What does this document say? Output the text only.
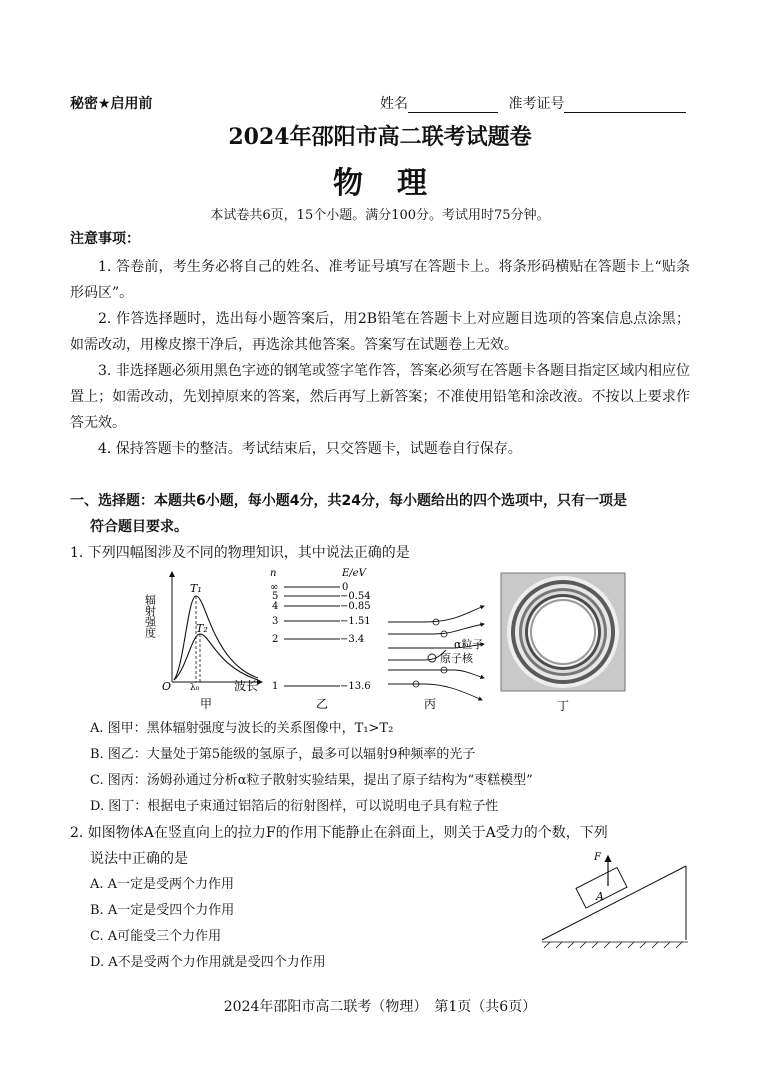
秘密★启用前	姓名	准考证号
2024年邵阳市高二联考试题卷
物理
本试卷共6页，15个小题。满分100分。考试用时75分钟。
注意事项：

1. 答卷前，考生务必将自己的姓名、准考证号填写在答题卡上。将条形码横贴在答题卡上“贴条形码区”。

2. 作答选择题时，选出每小题答案后，用2B铅笔在答题卡上对应题目选项的答案信息点涂黑；如需改动，用橡皮擦干净后，再选涂其他答案。答案写在试题卷上无效。

3. 非选择题必须用黑色字迹的钢笔或签字笔作答，答案必须写在答题卡各题目指定区域内相应位置上；如需改动，先划掉原来的答案，然后再写上新答案；不准使用铅笔和涂改液。不按以上要求作答无效。

4. 保持答题卡的整洁。考试结束后，只交答题卡，试题卷自行保存。

一、选择题：本题共6小题，每小题4分，共24分，每小题给出的四个选项中，只有一项是
符合题目要求。
1. 下列四幅图涉及不同的物理知识，其中说法正确的是
辐射强度
T₁
T₂
O λ₀	波长
甲
n	E/eV
∞	0
5	−0.54
4	−0.85
3	−1.51
2	−3.4
1	−13.6
乙
α粒子
原子核
丙	丁
A. 图甲：黑体辐射强度与波长的关系图像中，T₁>T₂
B. 图乙：大量处于第5能级的氢原子，最多可以辐射9种频率的光子
C. 图丙：汤姆孙通过分析α粒子散射实验结果，提出了原子结构为“枣糕模型”
D. 图丁：根据电子束通过铝箔后的衍射图样，可以说明电子具有粒子性
2. 如图物体A在竖直向上的拉力F的作用下能静止在斜面上，则关于A受力的个数，下列
说法中正确的是
A
F
A. A一定是受两个力作用
B. A一定是受四个力作用
C. A可能受三个力作用
D. A不是受两个力作用就是受四个力作用
2024年邵阳市高二联考（物理）　第1页（共6页）
